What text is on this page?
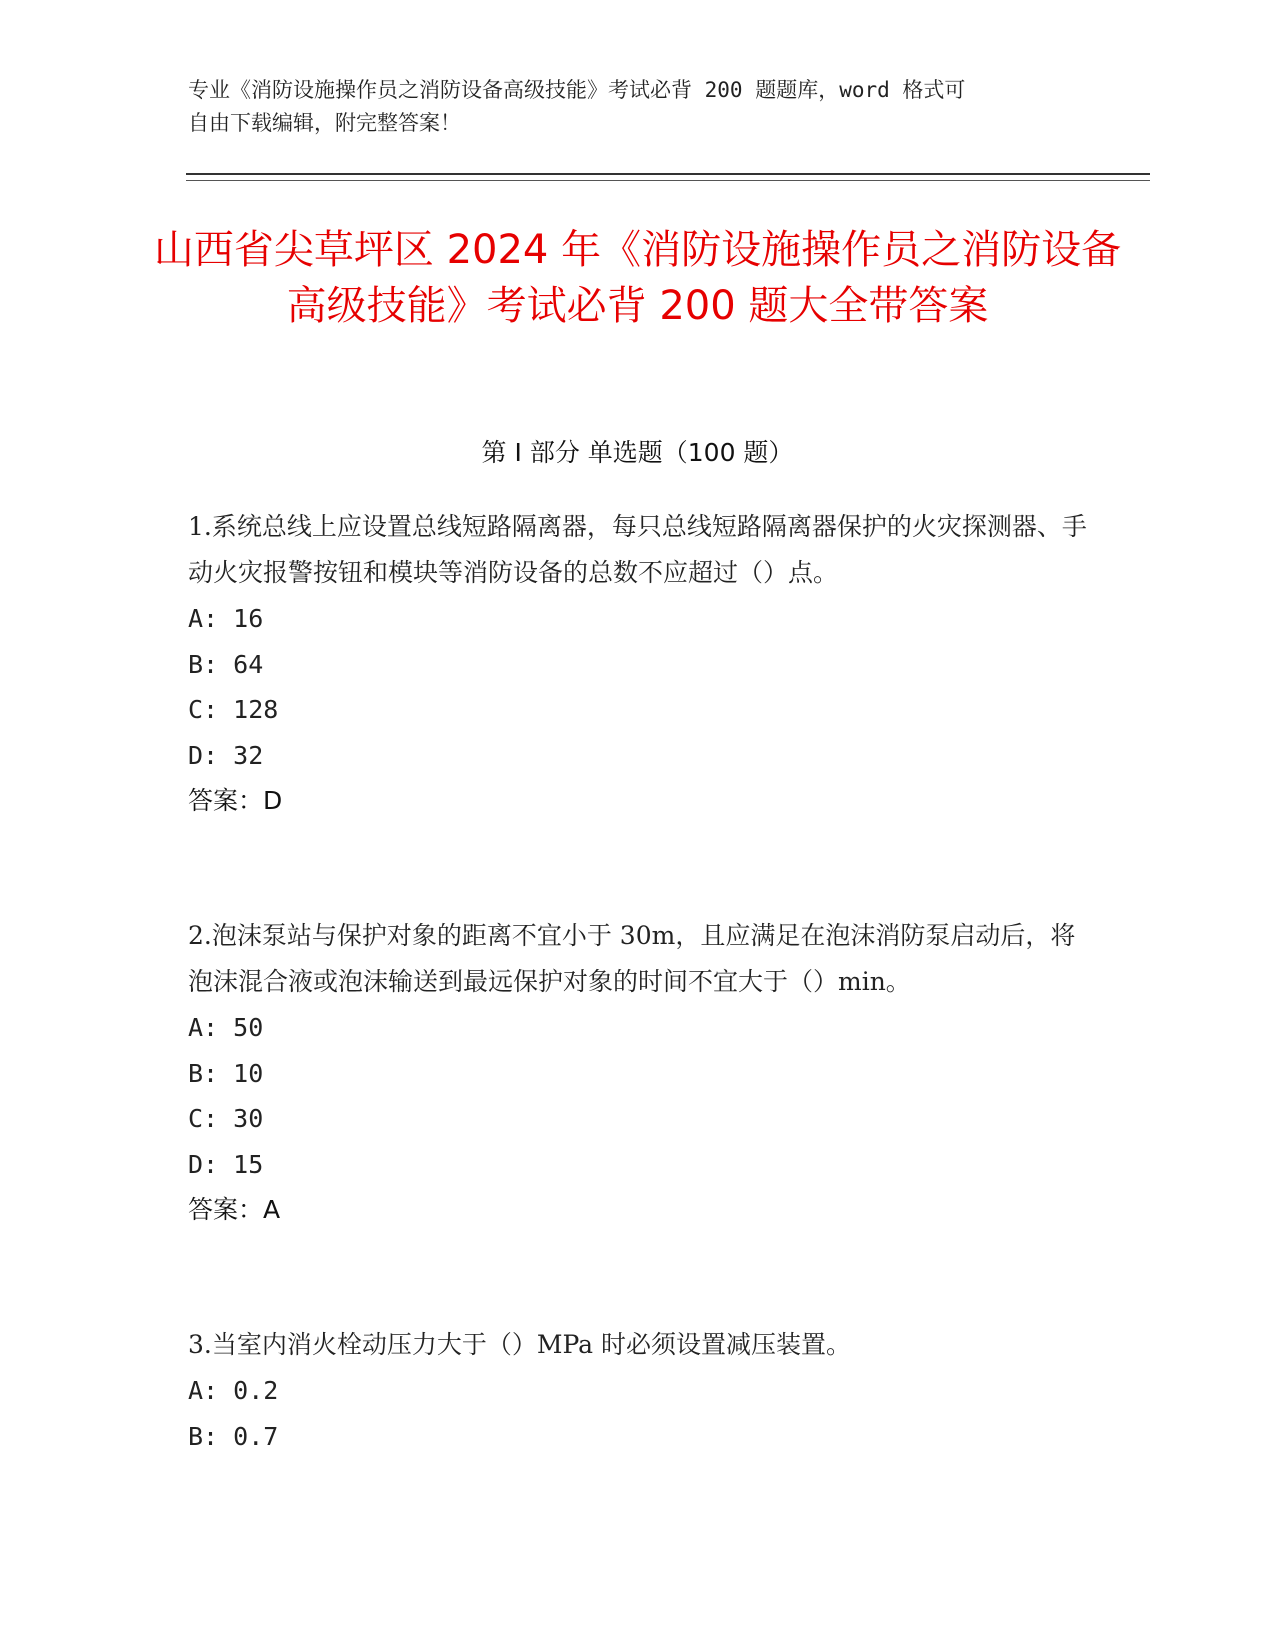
专业《消防设施操作员之消防设备高级技能》考试必背 200 题题库，word 格式可
自由下载编辑，附完整答案！
山西省尖草坪区 2024 年《消防设施操作员之消防设备高级技能》考试必背 200 题大全带答案
第 I 部分 单选题（100 题）
1.系统总线上应设置总线短路隔离器，每只总线短路隔离器保护的火灾探测器、手动火灾报警按钮和模块等消防设备的总数不应超过（）点。
A: 16
B: 64
C: 128
D: 32
答案：D
2.泡沫泵站与保护对象的距离不宜小于 30m，且应满足在泡沫消防泵启动后，将泡沫混合液或泡沫输送到最远保护对象的时间不宜大于（）min。
A: 50
B: 10
C: 30
D: 15
答案：A
3.当室内消火栓动压力大于（）MPa 时必须设置减压装置。
A: 0.2
B: 0.7
